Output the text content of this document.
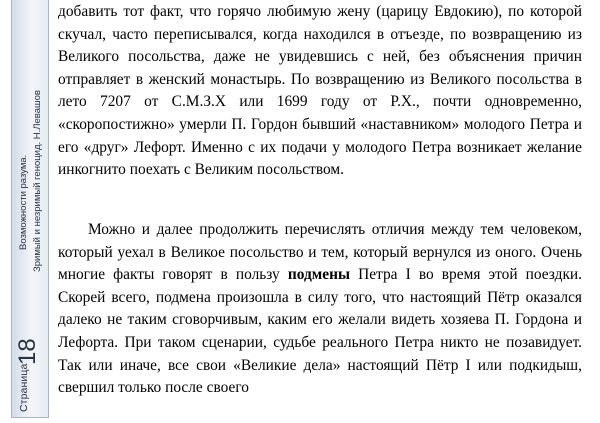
Страница
18
Возможности разума. Зримый и незримый геноцид. Н.Левашов

добавить тот факт, что горячо любимую жену (царицу Евдокию), по которой скучал, часто переписывался, когда находился в отъезде, по возвращению из Великого посольства, даже не увидевшись с ней, без объяснения причин отправляет в женский монастырь. По возвращению из Великого посольства в лето 7207 от С.М.З.Х или 1699 году от Р.Х., почти одновременно, «скоропостижно» умерли П. Гордон бывший «наставником» молодого Петра и его «друг» Лефорт. Именно с их подачи у молодого Петра возникает желание инкогнито поехать с Великим посольством.

Можно и далее продолжить перечислять отличия между тем человеком, который уехал в Великое посольство и тем, который вернулся из оного. Очень многие факты говорят в пользу подмены Петра I во время этой поездки. Скорей всего, подмена произошла в силу того, что настоящий Пётр оказался далеко не таким сговорчивым, каким его желали видеть хозяева П. Гордона и Лефорта. При таком сценарии, судьбе реального Петра никто не позавидует. Так или иначе, все свои «Великие дела» настоящий Пётр I или подкидыш, свершил только после своего
